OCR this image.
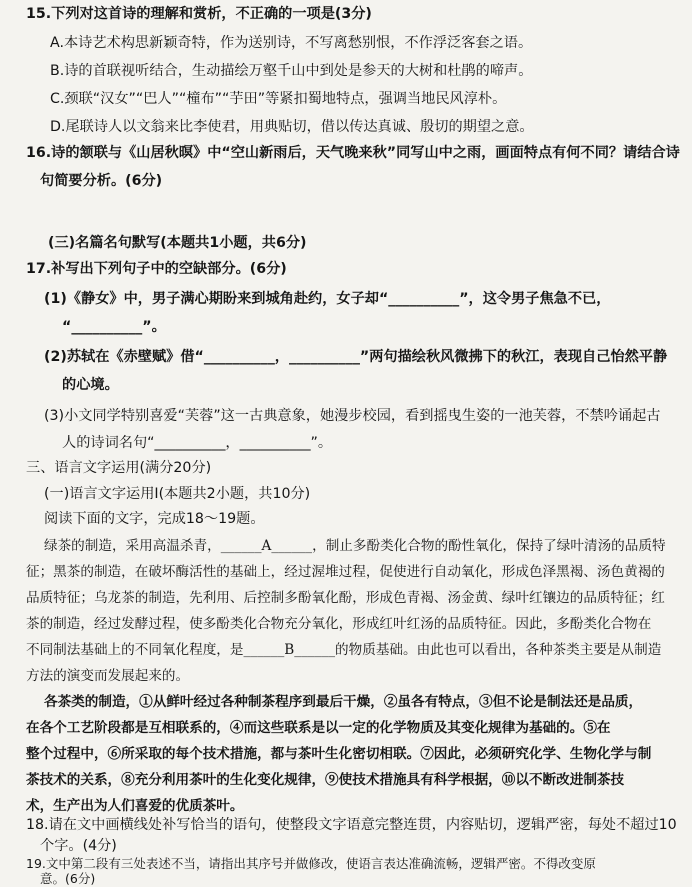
15.下列对这首诗的理解和赏析，不正确的一项是(3分)
A.本诗艺术构思新颖奇特，作为送别诗，不写离愁别恨，不作浮泛客套之语。
B.诗的首联视听结合，生动描绘万壑千山中到处是参天的大树和杜鹃的啼声。
C.颈联“汉女”“巴人”“橦布”“芋田”等紧扣蜀地特点，强调当地民风淳朴。
D.尾联诗人以文翁来比李使君，用典贴切，借以传达真诚、殷切的期望之意。
16.诗的颔联与《山居秋暝》中“空山新雨后，天气晚来秋”同写山中之雨，画面特点有何不同？请结合诗
句简要分析。(6分)
(三)名篇名句默写(本题共1小题，共6分)
17.补写出下列句子中的空缺部分。(6分)
(1)《静女》中，男子满心期盼来到城角赴约，女子却“__________”，这令男子焦急不已，
“__________”。
(2)苏轼在《赤壁赋》借“__________，__________”两句描绘秋风微拂下的秋江，表现自己怡然平静
的心境。
(3)小文同学特别喜爱“芙蓉”这一古典意象，她漫步校园，看到摇曳生姿的一池芙蓉，不禁吟诵起古
人的诗词名句“__________，__________”。
三、语言文字运用(满分20分)
(一)语言文字运用Ⅰ(本题共2小题，共10分)
阅读下面的文字，完成18～19题。
绿茶的制造，采用高温杀青，______A______，制止多酚类化合物的酚性氧化，保持了绿叶清汤的品质特
征；黑茶的制造，在破坏酶活性的基础上，经过渥堆过程，促使进行自动氧化，形成色泽黑褐、汤色黄褐的
品质特征；乌龙茶的制造，先利用、后控制多酚氧化酚，形成色青褐、汤金黄、绿叶红镶边的品质特征；红
茶的制造，经过发酵过程，使多酚类化合物充分氧化，形成红叶红汤的品质特征。因此，多酚类化合物在
不同制法基础上的不同氧化程度，是______B______的物质基础。由此也可以看出，各种茶类主要是从制造
方法的演变而发展起来的。
各茶类的制造，①从鲜叶经过各种制茶程序到最后干燥，②虽各有特点，③但不论是制法还是品质，
在各个工艺阶段都是互相联系的，④而这些联系是以一定的化学物质及其变化规律为基础的。⑤在
整个过程中，⑥所采取的每个技术措施，都与茶叶生化密切相联。⑦因此，必须研究化学、生物化学与制
茶技术的关系，⑧充分利用茶叶的生化变化规律，⑨使技术措施具有科学根据，⑩以不断改进制茶技
术，生产出为人们喜爱的优质茶叶。
18.请在文中画横线处补写恰当的语句，使整段文字语意完整连贯，内容贴切，逻辑严密，每处不超过10
个字。(4分)
19.文中第二段有三处表述不当，请指出其序号并做修改，使语言表达准确流畅，逻辑严密。不得改变原
意。(6分)
